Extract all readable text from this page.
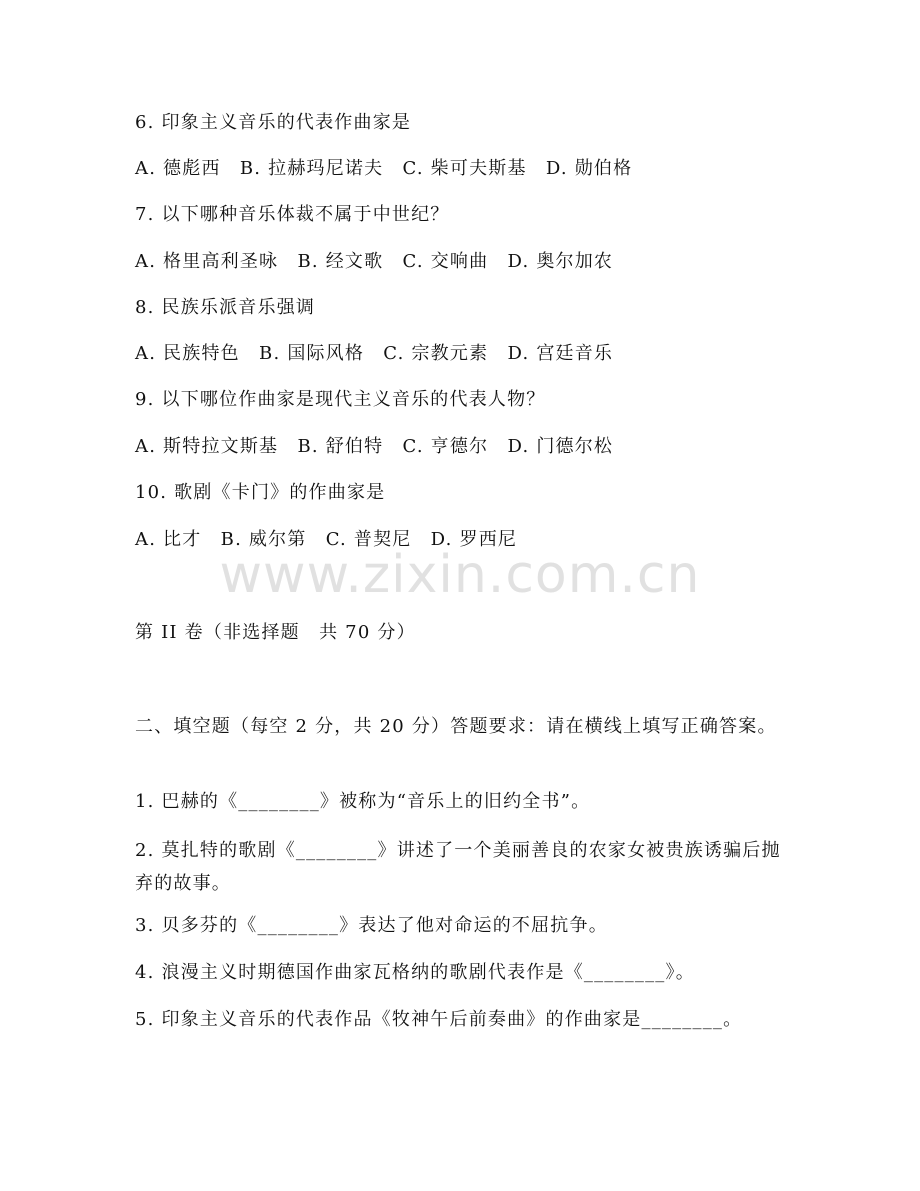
6. 印象主义音乐的代表作曲家是
A. 德彪西　B. 拉赫玛尼诺夫　C. 柴可夫斯基　D. 勋伯格
7. 以下哪种音乐体裁不属于中世纪？
A. 格里高利圣咏　B. 经文歌　C. 交响曲　D. 奥尔加农
8. 民族乐派音乐强调
A. 民族特色　B. 国际风格　C. 宗教元素　D. 宫廷音乐
9. 以下哪位作曲家是现代主义音乐的代表人物？
A. 斯特拉文斯基　B. 舒伯特　C. 亨德尔　D. 门德尔松
10. 歌剧《卡门》的作曲家是
A. 比才　B. 威尔第　C. 普契尼　D. 罗西尼
www.zixin.com.cn
第 II 卷（非选择题　共 70 分）
二、填空题（每空 2 分，共 20 分）答题要求：请在横线上填写正确答案。
1. 巴赫的《________》被称为“音乐上的旧约全书”。
2. 莫扎特的歌剧《________》讲述了一个美丽善良的农家女被贵族诱骗后抛弃的故事。
3. 贝多芬的《________》表达了他对命运的不屈抗争。
4. 浪漫主义时期德国作曲家瓦格纳的歌剧代表作是《________》。
5. 印象主义音乐的代表作品《牧神午后前奏曲》的作曲家是________。
